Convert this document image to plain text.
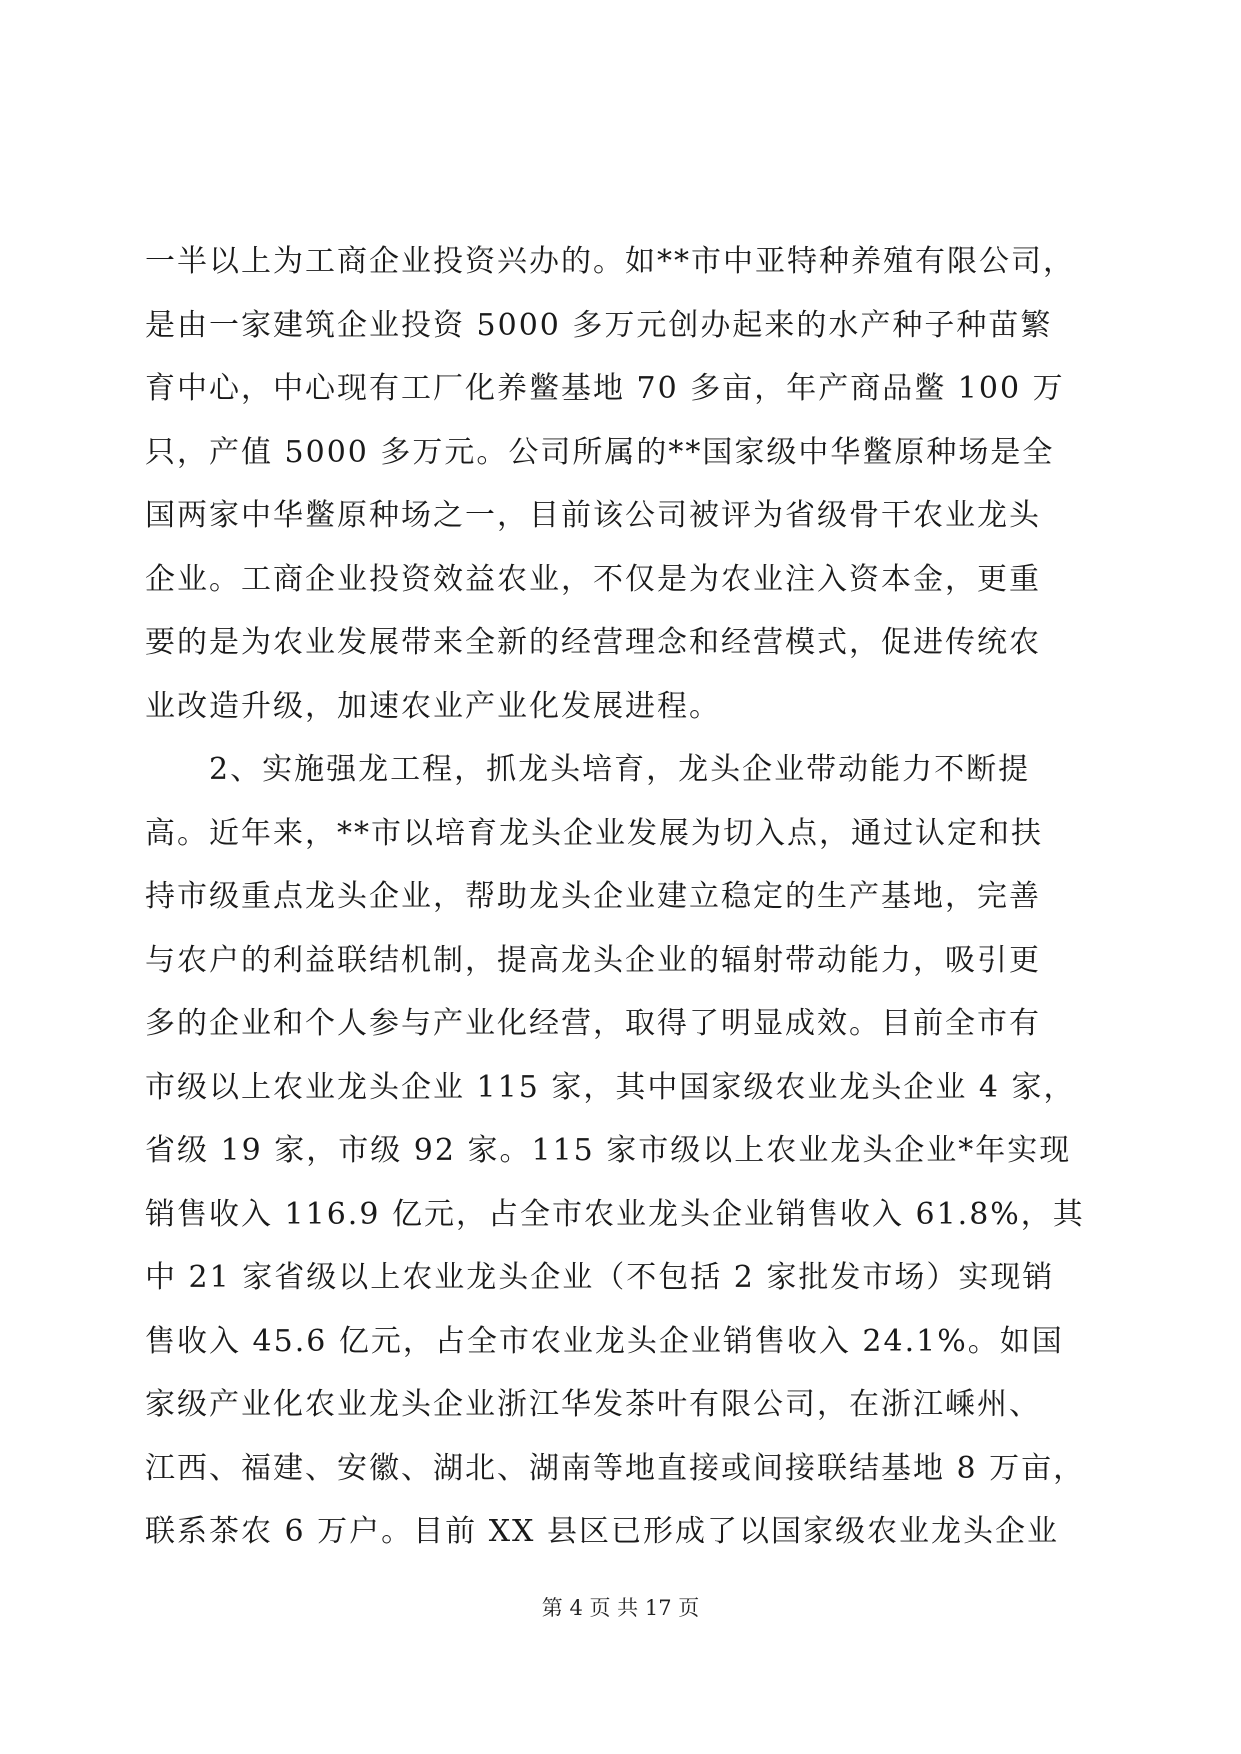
一半以上为工商企业投资兴办的。如**市中亚特种养殖有限公司，
是由一家建筑企业投资 5000 多万元创办起来的水产种子种苗繁
育中心，中心现有工厂化养鳖基地 70 多亩，年产商品鳖 100 万
只，产值 5000 多万元。公司所属的**国家级中华鳖原种场是全
国两家中华鳖原种场之一，目前该公司被评为省级骨干农业龙头
企业。工商企业投资效益农业，不仅是为农业注入资本金，更重
要的是为农业发展带来全新的经营理念和经营模式，促进传统农
业改造升级，加速农业产业化发展进程。
　　2、实施强龙工程，抓龙头培育，龙头企业带动能力不断提
高。近年来，**市以培育龙头企业发展为切入点，通过认定和扶
持市级重点龙头企业，帮助龙头企业建立稳定的生产基地，完善
与农户的利益联结机制，提高龙头企业的辐射带动能力，吸引更
多的企业和个人参与产业化经营，取得了明显成效。目前全市有
市级以上农业龙头企业 115 家，其中国家级农业龙头企业 4 家，
省级 19 家，市级 92 家。115 家市级以上农业龙头企业*年实现
销售收入 116.9 亿元，占全市农业龙头企业销售收入 61.8%，其
中 21 家省级以上农业龙头企业（不包括 2 家批发市场）实现销
售收入 45.6 亿元，占全市农业龙头企业销售收入 24.1%。如国
家级产业化农业龙头企业浙江华发茶叶有限公司，在浙江嵊州、
江西、福建、安徽、湖北、湖南等地直接或间接联结基地 8 万亩，
联系茶农 6 万户。目前 XX 县区已形成了以国家级农业龙头企业
第 4 页 共 17 页
